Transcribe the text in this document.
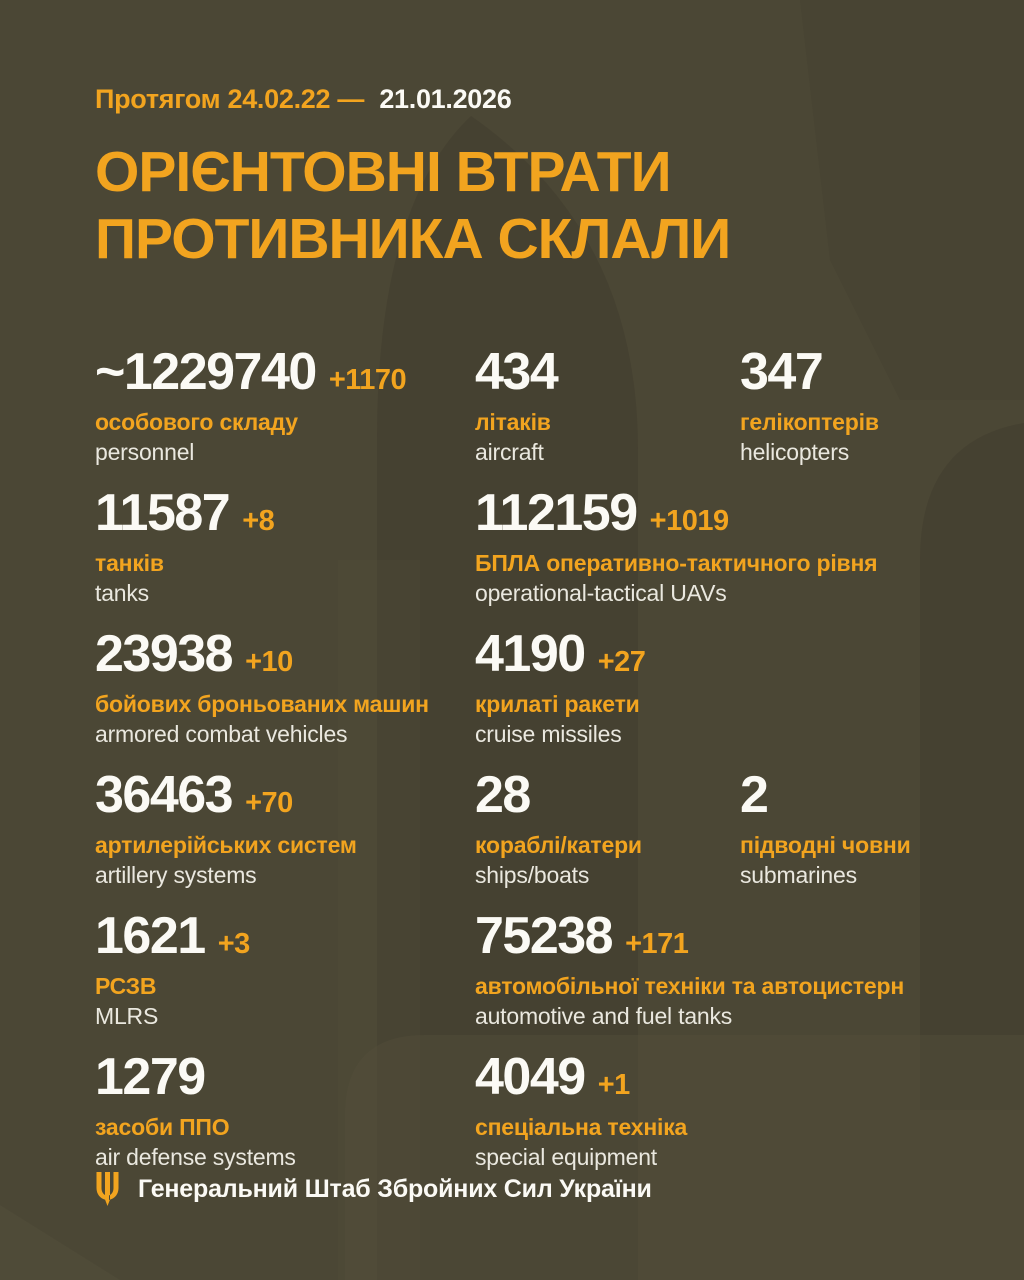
Протягом 24.02.22 — 21.01.2026
ОРІЄНТОВНІ ВТРАТИ
ПРОТИВНИКА СКЛАЛИ
~1229740 +1170
особового складу
personnel
434
літаків
aircraft
347
гелікоптерів
helicopters
11587 +8
танків
tanks
112159 +1019
БПЛА оперативно-тактичного рівня
operational-tactical UAVs
23938 +10
бойових броньованих машин
armored combat vehicles
4190 +27
крилаті ракети
cruise missiles
36463 +70
артилерійських систем
artillery systems
28
кораблі/катери
ships/boats
2
підводні човни
submarines
1621 +3
РСЗВ
MLRS
75238 +171
автомобільної техніки та автоцистерн
automotive and fuel tanks
1279
засоби ППО
air defense systems
4049 +1
спеціальна техніка
special equipment
Генеральний Штаб Збройних Сил України
